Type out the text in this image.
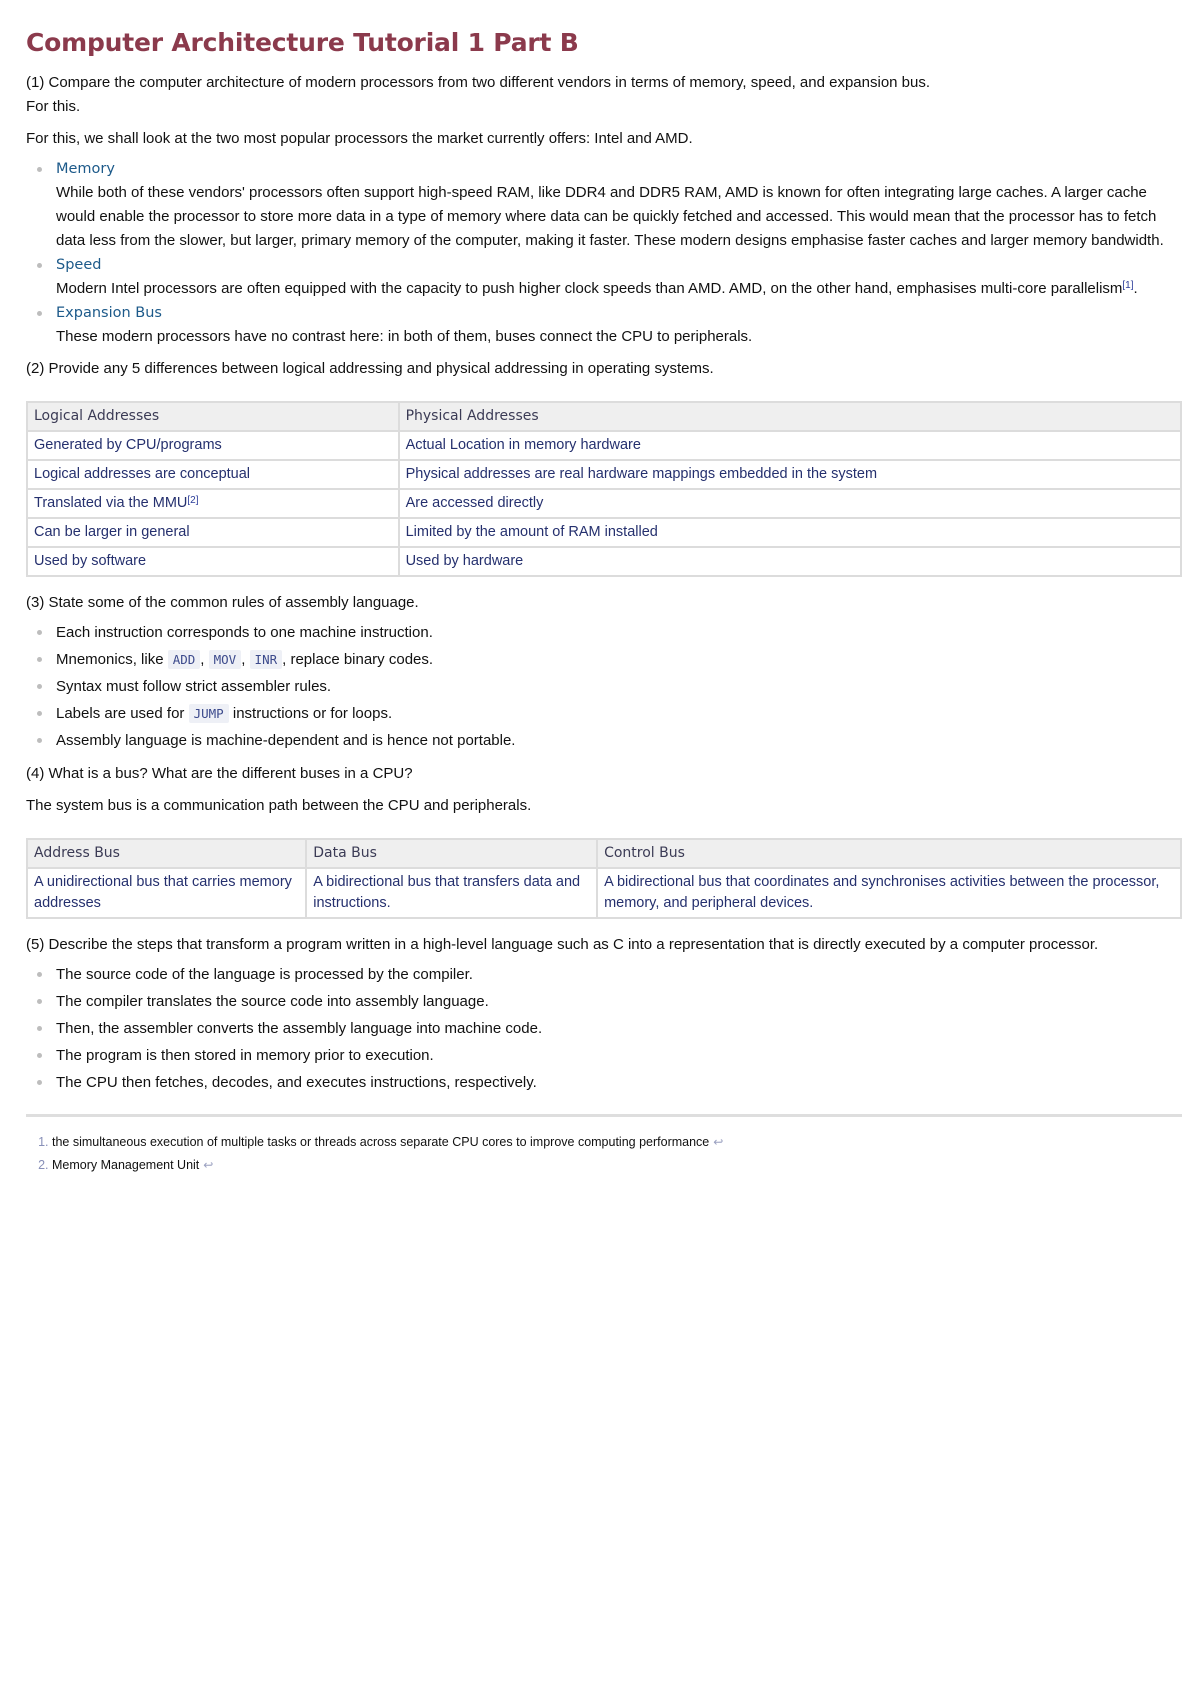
Computer Architecture Tutorial 1 Part B

(1) Compare the computer architecture of modern processors from two different vendors in terms of memory, speed, and expansion bus.

For this.

For this, we shall look at the two most popular processors the market currently offers: Intel and AMD.

Memory
While both of these vendors' processors often support high-speed RAM, like DDR4 and DDR5 RAM, AMD is known for often integrating large caches. A larger cache would enable the processor to store more data in a type of memory where data can be quickly fetched and accessed. This would mean that the processor has to fetch data less from the slower, but larger, primary memory of the computer, making it faster. These modern designs emphasise faster caches and larger memory bandwidth.
Speed
Modern Intel processors are often equipped with the capacity to push higher clock speeds than AMD. AMD, on the other hand, emphasises multi-core parallelism[1].
Expansion Bus
These modern processors have no contrast here: in both of them, buses connect the CPU to peripherals.

(2) Provide any 5 differences between logical addressing and physical addressing in operating systems.

Logical Addresses	Physical Addresses
Generated by CPU/programs	Actual Location in memory hardware
Logical addresses are conceptual	Physical addresses are real hardware mappings embedded in the system
Translated via the MMU[2]	Are accessed directly
Can be larger in general	Limited by the amount of RAM installed
Used by software	Used by hardware

(3) State some of the common rules of assembly language.

Each instruction corresponds to one machine instruction.
Mnemonics, like ADD , MOV , INR , replace binary codes.
Syntax must follow strict assembler rules.
Labels are used for JUMP instructions or for loops.
Assembly language is machine-dependent and is hence not portable.

(4) What is a bus? What are the different buses in a CPU?

The system bus is a communication path between the CPU and peripherals.

Address Bus	Data Bus	Control Bus
A unidirectional bus that carries memory addresses	A bidirectional bus that transfers data and instructions.	A bidirectional bus that coordinates and synchronises activities between the processor, memory, and peripheral devices.

(5) Describe the steps that transform a program written in a high-level language such as C into a representation that is directly executed by a computer processor.

The source code of the language is processed by the compiler.
The compiler translates the source code into assembly language.
Then, the assembler converts the assembly language into machine code.
The program is then stored in memory prior to execution.
The CPU then fetches, decodes, and executes instructions, respectively.
1. the simultaneous execution of multiple tasks or threads across separate CPU cores to improve computing performance ↩
2. Memory Management Unit ↩
